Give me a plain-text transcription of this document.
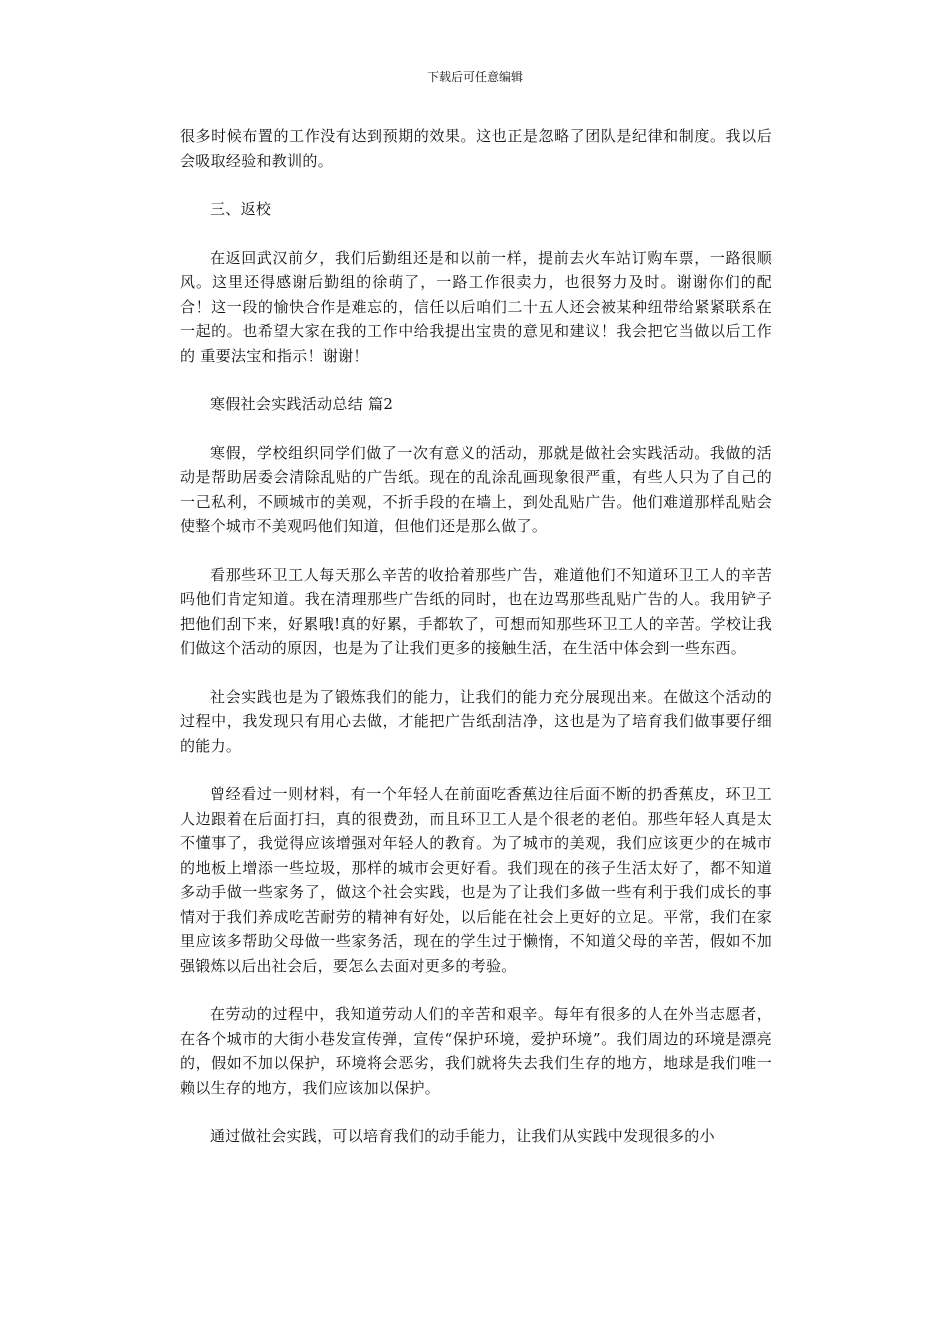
下载后可任意编辑

很多时候布置的工作没有达到预期的效果。这也正是忽略了团队是纪律和制度。我以后会吸取经验和教训的。

三、返校

在返回武汉前夕，我们后勤组还是和以前一样，提前去火车站订购车票，一路很顺风。这里还得感谢后勤组的徐萌了，一路工作很卖力，也很努力及时。谢谢你们的配合！这一段的愉快合作是难忘的，信任以后咱们二十五人还会被某种纽带给紧紧联系在一起的。也希望大家在我的工作中给我提出宝贵的意见和建议！我会把它当做以后工作的 重要法宝和指示！谢谢！

寒假社会实践活动总结 篇2

寒假，学校组织同学们做了一次有意义的活动，那就是做社会实践活动。我做的活动是帮助居委会清除乱贴的广告纸。现在的乱涂乱画现象很严重，有些人只为了自己的一己私利，不顾城市的美观，不折手段的在墙上，到处乱贴广告。他们难道那样乱贴会使整个城市不美观吗他们知道，但他们还是那么做了。

看那些环卫工人每天那么辛苦的收拾着那些广告，难道他们不知道环卫工人的辛苦吗他们肯定知道。我在清理那些广告纸的同时，也在边骂那些乱贴广告的人。我用铲子把他们刮下来，好累哦!真的好累，手都软了，可想而知那些环卫工人的辛苦。学校让我们做这个活动的原因，也是为了让我们更多的接触生活，在生活中体会到一些东西。

社会实践也是为了锻炼我们的能力，让我们的能力充分展现出来。在做这个活动的过程中，我发现只有用心去做，才能把广告纸刮洁净，这也是为了培育我们做事要仔细的能力。

曾经看过一则材料，有一个年轻人在前面吃香蕉边往后面不断的扔香蕉皮，环卫工人边跟着在后面打扫，真的很费劲，而且环卫工人是个很老的老伯。那些年轻人真是太不懂事了，我觉得应该增强对年轻人的教育。为了城市的美观，我们应该更少的在城市的地板上增添一些垃圾，那样的城市会更好看。我们现在的孩子生活太好了，都不知道多动手做一些家务了，做这个社会实践，也是为了让我们多做一些有利于我们成长的事情对于我们养成吃苦耐劳的精神有好处，以后能在社会上更好的立足。平常，我们在家里应该多帮助父母做一些家务活，现在的学生过于懒惰，不知道父母的辛苦，假如不加强锻炼以后出社会后，要怎么去面对更多的考验。

在劳动的过程中，我知道劳动人们的辛苦和艰辛。每年有很多的人在外当志愿者，在各个城市的大街小巷发宣传弹，宣传“保护环境，爱护环境”。我们周边的环境是漂亮的，假如不加以保护，环境将会恶劣，我们就将失去我们生存的地方，地球是我们唯一赖以生存的地方，我们应该加以保护。

通过做社会实践，可以培育我们的动手能力，让我们从实践中发现很多的小
